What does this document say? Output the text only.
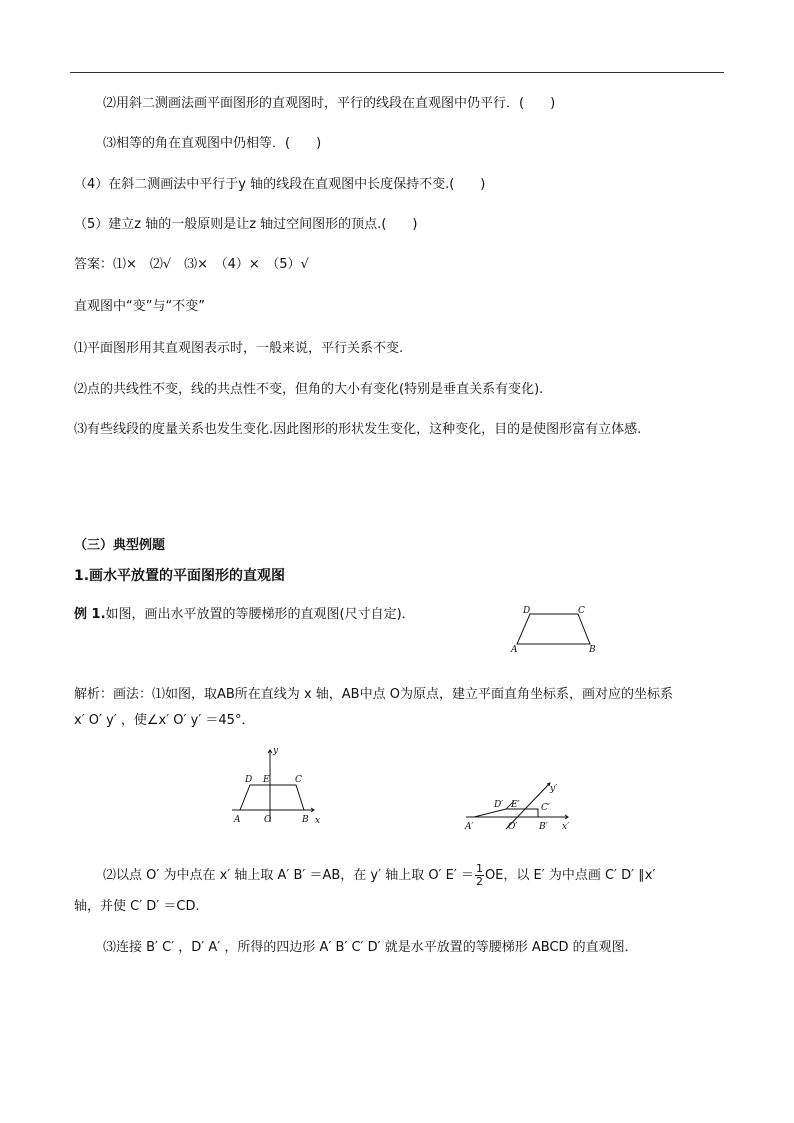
⑵用斜二测画法画平面图形的直观图时，平行的线段在直观图中仍平行．(　　)
⑶相等的角在直观图中仍相等．(　　)
（4）在斜二测画法中平行于y 轴的线段在直观图中长度保持不变.(　　)
（5）建立z 轴的一般原则是让z 轴过空间图形的顶点.(　　)
答案：⑴×　⑵√　⑶×　（4）×　（5）√
直观图中“变”与“不变”
⑴平面图形用其直观图表示时，一般来说，平行关系不变.
⑵点的共线性不变，线的共点性不变，但角的大小有变化(特别是垂直关系有变化).
⑶有些线段的度量关系也发生变化.因此图形的形状发生变化，这种变化，目的是使图形富有立体感.
（三）典型例题
1.画水平放置的平面图形的直观图
例 1.如图，画出水平放置的等腰梯形的直观图(尺寸自定)．	D	C
A	B
解析：画法：⑴如图，取AB所在直线为 x 轴，AB中点 O为原点，建立平面直角坐标系，画对应的坐标系
x′ O′ y′ ，使∠x′ O′ y′ ＝45°．
y
x
D E	C
A	O	B
y′
x′
D′ E′ C′
A′	O′ B′
⑵以点 O′ 为中点在 x′ 轴上取 A′ B′ ＝AB，在 y′ 轴上取 O′ $E' = \frac{1}{2}$ OE，以 E′ 为中点画 C′ D′ ∥x′
轴，并使 C′ D′ ＝CD.
⑶连接 B′ C′ ，D′ A′ ，所得的四边形 A′ B′ C′ D′ 就是水平放置的等腰梯形 ABCD 的直观图．
